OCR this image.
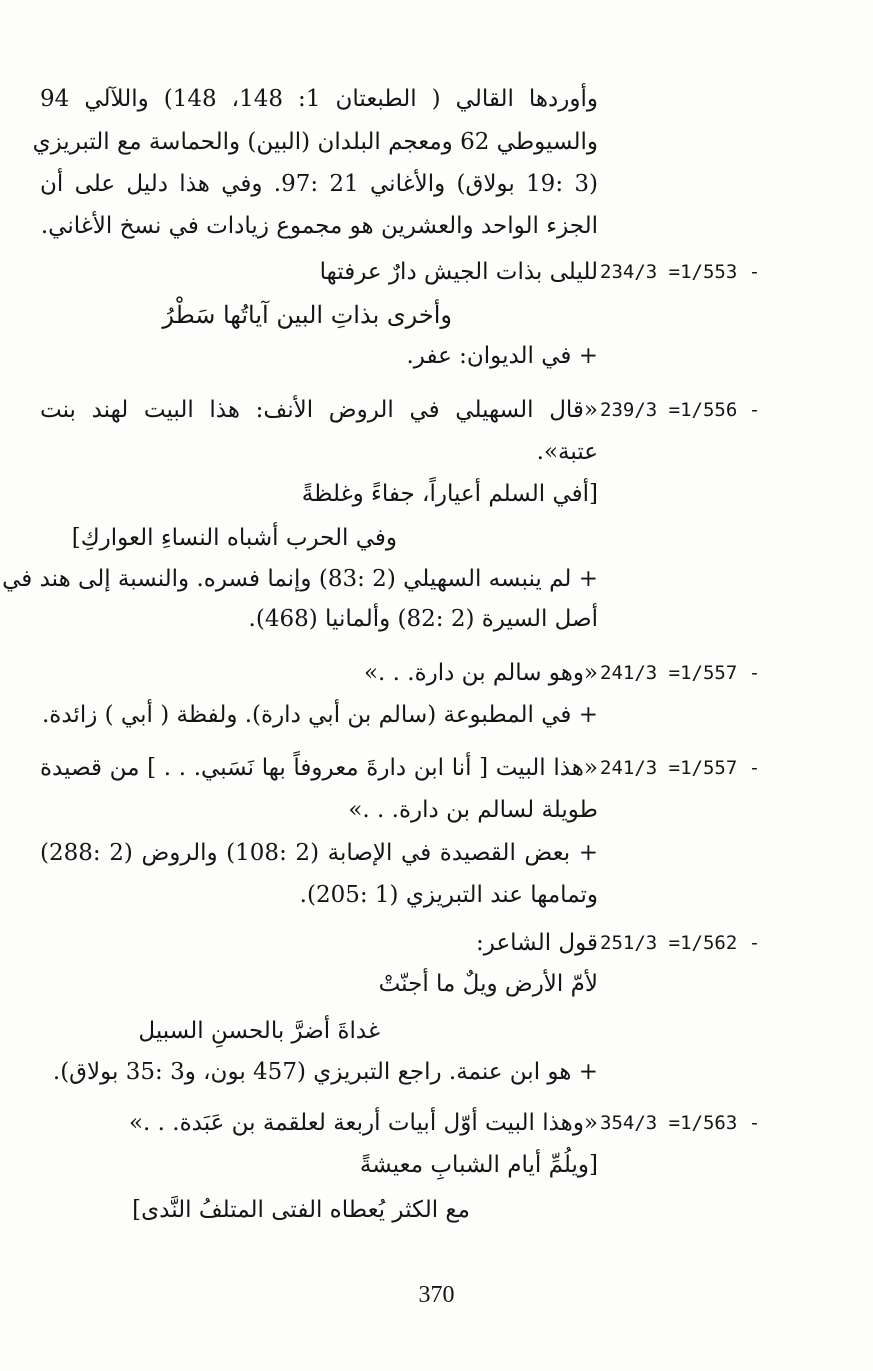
وأوردها القالي ( الطبعتان 1: 148، 148) واللآلي 94
والسيوطي 62 ومعجم البلدان (البين) والحماسة مع التبريزي
(3 :19 بولاق) والأغاني 21 :97. وفي هذا دليل على أن
الجزء الواحد والعشرين هو مجموع زيادات في نسخ الأغاني.
234/3 =1/553 -
لليلى بذات الجيش دارٌ عرفتها
وأخرى بذاتِ البين آياتُها سَطْرُ
+ في الديوان: عفر.
239/3 =1/556 -
«قال السهيلي في الروض الأنف: هذا البيت لهند بنت
عتبة».
[أفي السلم أعياراً، جفاءً وغلظةً
وفي الحرب أشباه النساءِ العواركِ]
+ لم ينبسه السهيلي (2 :83) وإنما فسره. والنسبة إلى هند في
أصل السيرة (2 :82) وألمانيا (468).
241/3 =1/557 -
«وهو سالم بن دارة. . .»
+ في المطبوعة (سالم بن أبي دارة). ولفظة ( أبي ) زائدة.
241/3 =1/557 -
«هذا البيت [ أنا ابن دارةَ معروفاً بها نَسَبي. . . ] من قصيدة
طويلة لسالم بن دارة. . .»
+ بعض القصيدة في الإصابة (2 :108) والروض (2 :288)
وتمامها عند التبريزي (1 :205).
251/3 =1/562 -
قول الشاعر:
لأمّ الأرض ويلٌ ما أجنّتْ
غداةَ أضرَّ بالحسنِ السبيل
+ هو ابن عنمة. راجع التبريزي (457 بون، و3 :35 بولاق).
354/3 =1/563 -
«وهذا البيت أوّل أبيات أربعة لعلقمة بن عَبَدة. . .»
[ويلُمِّ أيام الشبابِ معيشةً
مع الكثر يُعطاه الفتى المتلفُ النَّدى]
370
